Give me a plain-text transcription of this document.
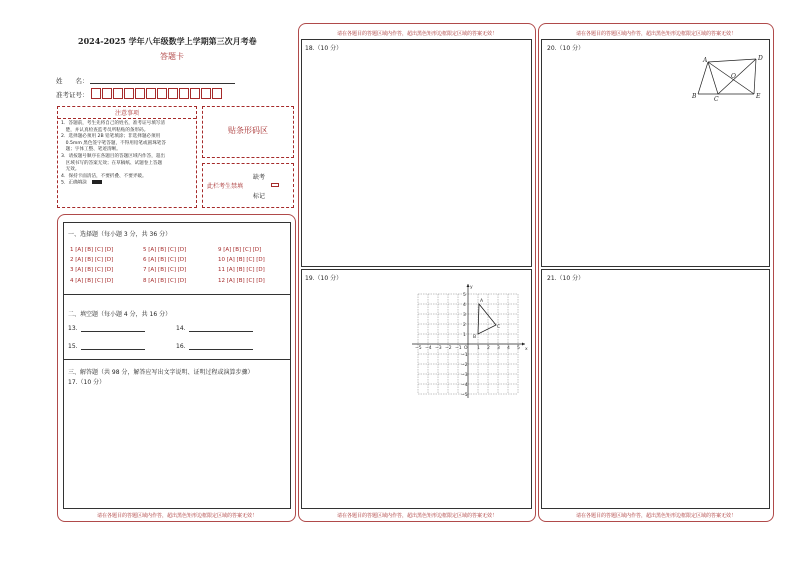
2024-2025 学年八年级数学上学期第三次月考卷
答题卡
姓　　名：
准考证号：
注意事项
1．答题前，考生先将自己的姓名，准考证号填写清
　楚，并认真检查监考员所粘贴的条形码。
2．选择题必须用 2B 铅笔填涂；非选择题必须用
　0.5mm 黑色签字笔答题，不得用铅笔或圆珠笔答
　题；字体工整、笔迹清晰。
3．请按题号顺序在各题目的答题区域内作答，超出
　区域书写的答案无效；在草稿纸、试题卷上答题
　无效。
4．保持卡面清洁，不要折叠、不要弄破。
5．正确填涂
贴条形码区
缺考
此栏考生禁填
标记
一、选择题（每小题 3 分，共 36 分）
1 [A] [B] [C] [D]	5 [A] [B] [C] [D]	9 [A] [B] [C] [D]
2 [A] [B] [C] [D]	6 [A] [B] [C] [D]	10 [A] [B] [C] [D]
3 [A] [B] [C] [D]	7 [A] [B] [C] [D]	11 [A] [B] [C] [D]
4 [A] [B] [C] [D]	8 [A] [B] [C] [D]	12 [A] [B] [C] [D]
二、填空题（每小题 4 分，共 16 分）
13.	14.
15.	16.
三、解答题（共 98 分，解答应写出文字说明、证明过程或演算步骤）
17.（10 分）
请在各题目的答题区域内作答，超出黑色矩形边框限定区域的答案无效！
请在各题目的答题区域内作答，超出黑色矩形边框限定区域的答案无效！
18.（10 分）
19.（10 分）
请在各题目的答题区域内作答，超出黑色矩形边框限定区域的答案无效！
x
y
A
B
C
−5 −4 −3 −2 −1 O 1 2 3 4 5
5
4
3
2
1
−1
−2
−3
−4
−5
请在各题目的答题区域内作答，超出黑色矩形边框限定区域的答案无效！
20.（10 分）
21.（10 分）
请在各题目的答题区域内作答，超出黑色矩形边框限定区域的答案无效！
A	D
O
B	C	E
